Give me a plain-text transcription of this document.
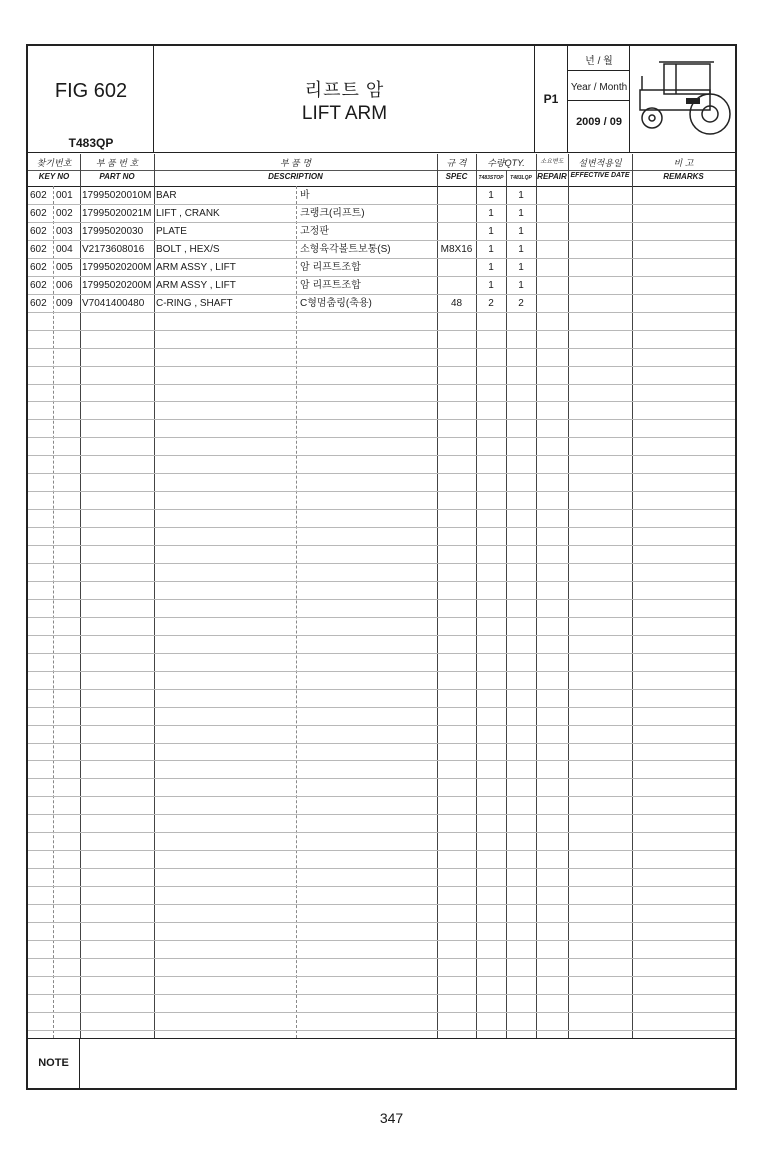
FIG 602
T483QP
리프트 암
LIFT ARM
P1
년 / 월
Year / Month
2009 / 09
찾기번호
KEY NO
부 품 번 호
PART NO
부 품 명
DESCRIPTION
규 격
SPEC
수량QTY.
T483STOP	T483LQP
소요변도
REPAIR
설변적용일
EFFECTIVE DATE
비 고
REMARKS
602 001 17995020010M BAR	바	1	1
602 002 17995020021M LIFT , CRANK	크랭크(리프트)	1	1
602 003 17995020030 PLATE	고정판	1	1
602 004 V2173608016 BOLT , HEX/S	소형육각볼트보통(S)	M8X16	1	1
602 005 17995020200M ARM ASSY , LIFT	암 리프트조합	1	1
602 006 17995020200M ARM ASSY , LIFT	암 리프트조합	1	1
602 009 V7041400480 C-RING , SHAFT	C형멈춤링(축용)	48	2	2
NOTE
347
